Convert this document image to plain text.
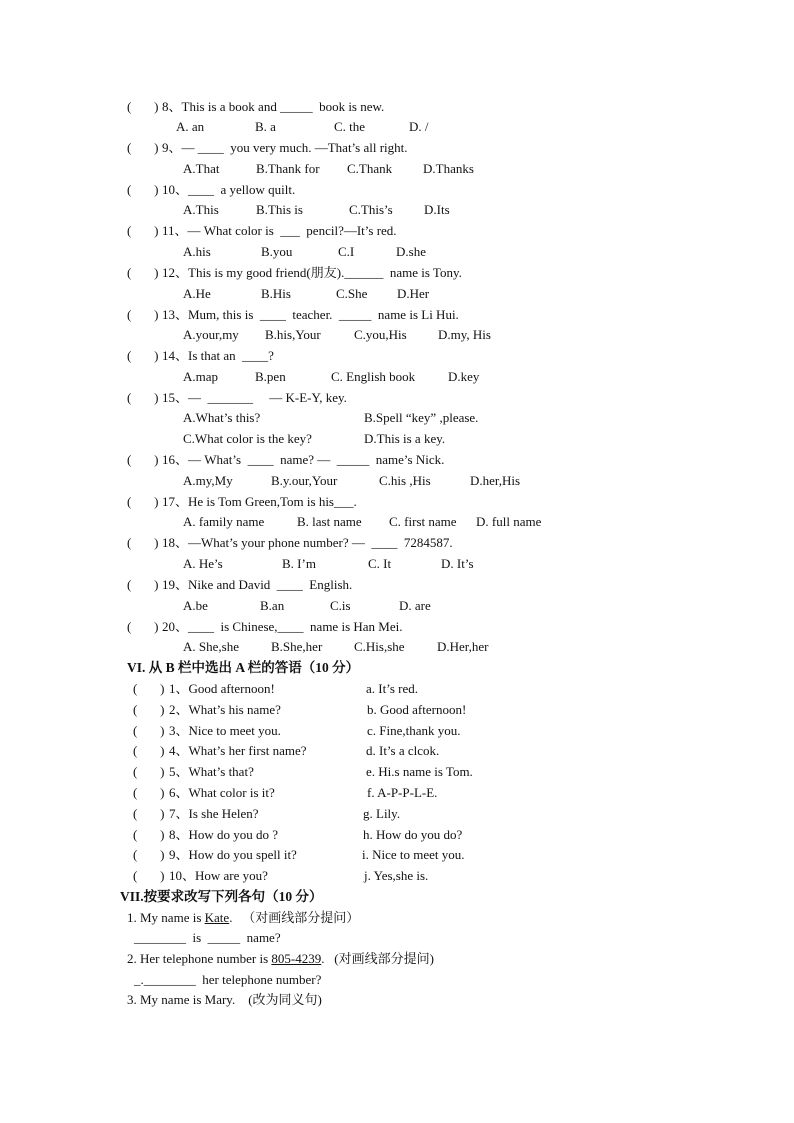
(       ) 8、This is a book and _____  book is new.
A. an	B. a	C. the	D. /
(       ) 9、— ____  you very much. —That’s all right.
A.That	B.Thank for C.Thank D.Thanks
(       ) 10、____  a yellow quilt.
A.This	B.This is	C.This’s D.Its
(       ) 11、— What color is  ___  pencil?—It’s red.
A.his	B.you	C.I	D.she
(       ) 12、This is my good friend(朋友).______  name is Tony.
A.He	B.His	C.She D.Her
(       ) 13、Mum, this is  ____  teacher.  _____  name is Li Hui.
A.your,my B.his,Your	C.you,His D.my, His
(       ) 14、Is that an  ____?
A.map	B.pen	C. English book	D.key
(       ) 15、—  _______     — K-E-Y, key.
A.What’s this?	B.Spell “key” ,please.
C.What color is the key?	D.This is a key.
(       ) 16、— What’s  ____  name? —  _____  name’s Nick.
A.my,My	B.y.our,Your	C.his ,His	D.her,His
(       ) 17、He is Tom Green,Tom is his___.
A. family name	B. last name C. first name D. full name
(       ) 18、—What’s your phone number? —  ____  7284587.
A. He’s	B. I’m	C. It	D. It’s
(       ) 19、Nike and David  ____  English.
A.be	B.an	C.is	D. are
(       ) 20、____  is Chinese,____  name is Han Mei.
A. She,she B.She,her C.His,she D.Her,her
VI. 从 B 栏中选出 A 栏的答语（10 分）
(       ) 1、Good afternoon!	a. It’s red.
(       ) 2、What’s his name?	b. Good afternoon!
(       ) 3、Nice to meet you.	c. Fine,thank you.
(       ) 4、What’s her first name?	d. It’s a clcok.
(       ) 5、What’s that?	e. Hi.s name is Tom.
(       ) 6、What color is it?	f. A-P-P-L-E.
(       ) 7、Is she Helen?	g. Lily.
(       ) 8、How do you do ?	h. How do you do?
(       ) 9、How do you spell it?	i. Nice to meet you.
(       ) 10、How are you?	j. Yes,she is.
VII.按要求改写下列各句（10 分）
1. My name is Kate.   （对画线部分提问）
________  is  _____  name?
2. Her telephone number is 805-4239.   (对画线部分提问)
_.________  her telephone number?
3. My name is Mary.    (改为同义句)
